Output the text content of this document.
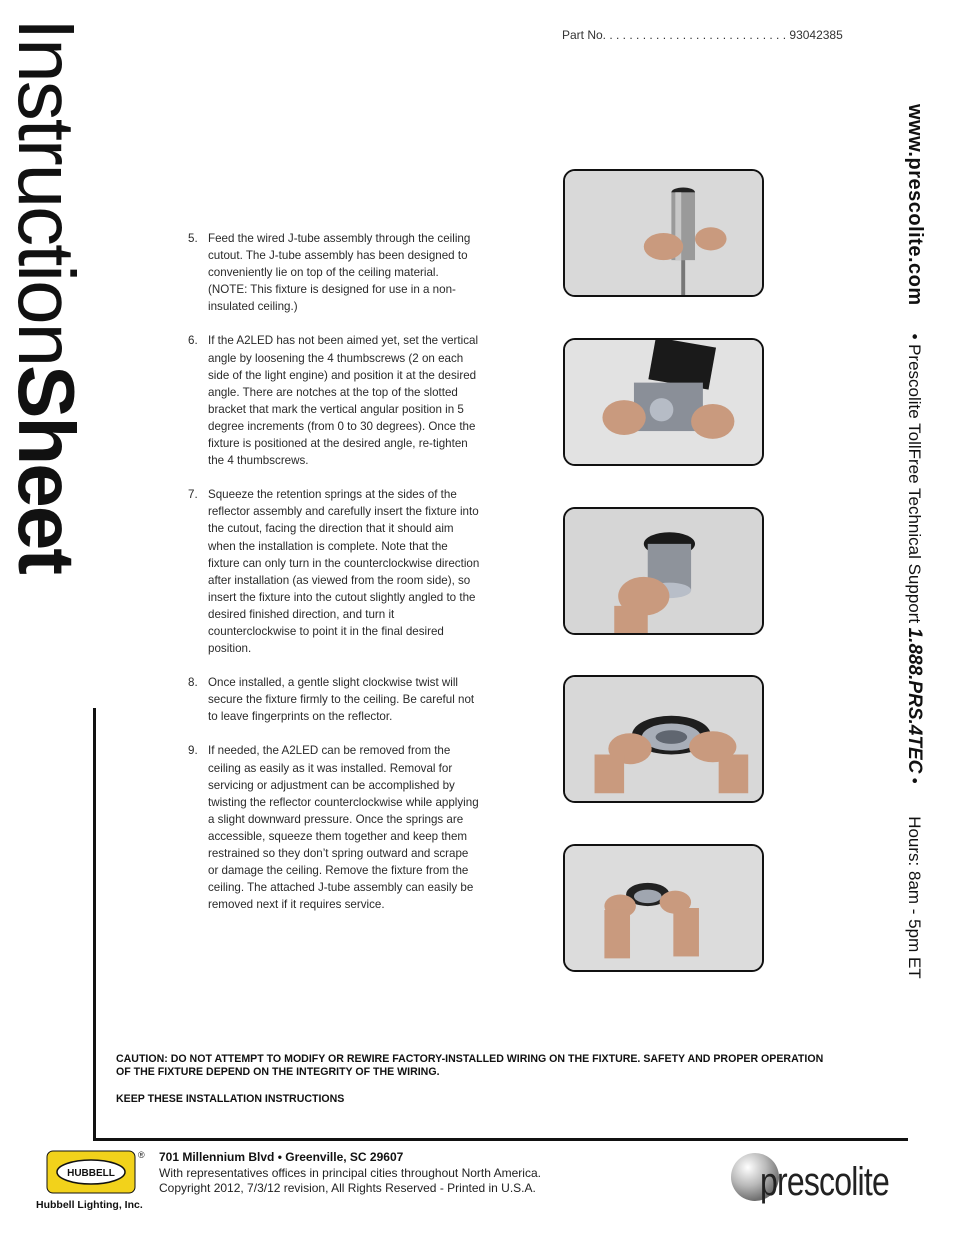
InstructionSheet
Part No. . . . . . . . . . . . . . . . . . . . . . . . . . . . 93042385
www.prescolite.com• Prescolite TollFree Technical Support 1.888.PRS.4TEC • Hours: 8am - 5pm ET
5. Feed the wired J-tube assembly through the ceiling cutout. The J-tube assembly has been designed to conveniently lie on top of the ceiling material. (NOTE: This fixture is designed for use in a non-insulated ceiling.)
6. If the A2LED has not been aimed yet, set the vertical angle by loosening the 4 thumbscrews (2 on each side of the light engine) and position it at the desired angle. There are notches at the top of the slotted bracket that mark the vertical angular position in 5 degree increments (from 0 to 30 degrees). Once the fixture is positioned at the desired angle, re-tighten the 4 thumbscrews.
7. Squeeze the retention springs at the sides of the reflector assembly and carefully insert the fixture into the cutout, facing the direction that it should aim when the installation is complete. Note that the fixture can only turn in the counterclockwise direction after installation (as viewed from the room side), so insert the fixture into the cutout slightly angled to the desired finished direction, and turn it counterclockwise to point it in the final desired position.
8. Once installed, a gentle slight clockwise twist will secure the fixture firmly to the ceiling. Be careful not to leave fingerprints on the reflector.
9. If needed, the A2LED can be removed from the ceiling as easily as it was installed. Removal for servicing or adjustment can be accomplished by twisting the reflector counterclockwise while applying a slight downward pressure. Once the springs are accessible, squeeze them together and keep them restrained so they don’t spring outward and scrape or damage the ceiling. Remove the fixture from the ceiling. The attached J-tube assembly can easily be removed next if it requires service.
CAUTION: DO NOT ATTEMPT TO MODIFY OR REWIRE FACTORY-INSTALLED WIRING ON THE FIXTURE. SAFETY AND PROPER OPERATION OF THE FIXTURE DEPEND ON THE INTEGRITY OF THE WIRING.
KEEP THESE INSTALLATION INSTRUCTIONS
HUBBELL
®
Hubbell Lighting, Inc.
701 Millennium Blvd • Greenville, SC 29607
With representatives offices in principal cities throughout North America.
Copyright 2012, 7/3/12 revision, All Rights Reserved - Printed in U.S.A.	prescolite
